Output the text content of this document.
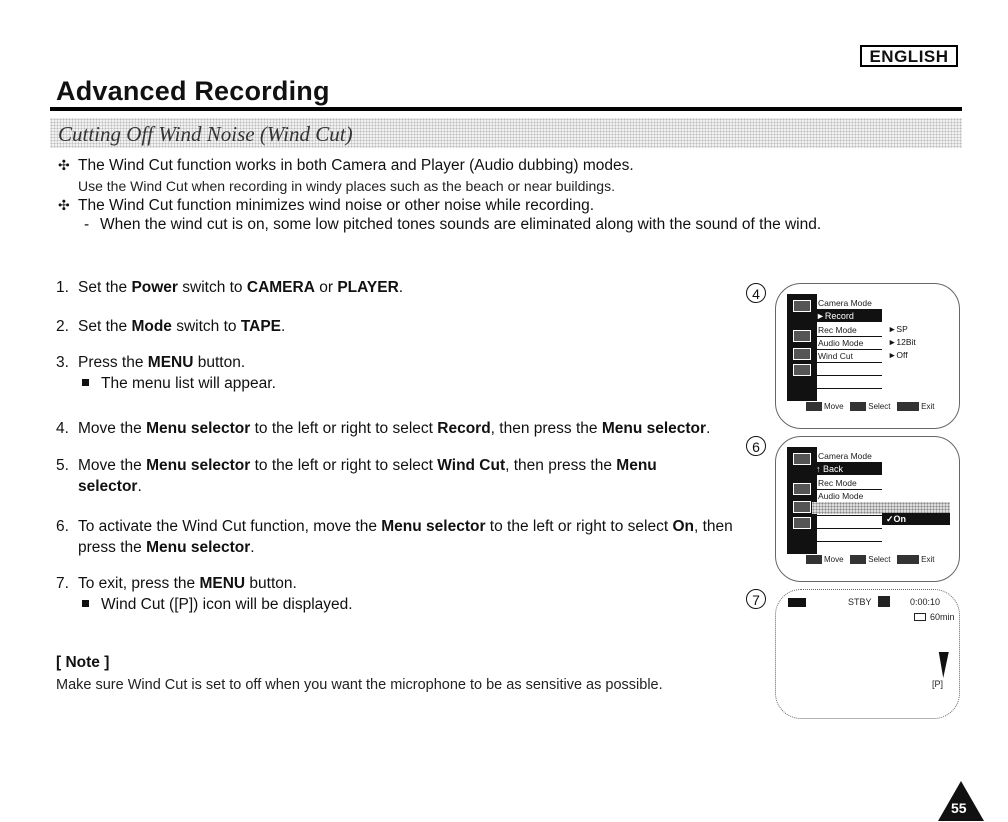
ENGLISH
Advanced Recording
Cutting Off Wind Noise (Wind Cut)
✣ The Wind Cut function works in both Camera and Player (Audio dubbing) modes.
Use the Wind Cut when recording in windy places such as the beach or near buildings.
✣ The Wind Cut function minimizes wind noise or other noise while recording.
- When the wind cut is on, some low pitched tones sounds are eliminated along with the sound of the wind.
1. Set the Power switch to CAMERA or PLAYER.
2. Set the Mode switch to TAPE.
3. Press the MENU button.
The menu list will appear.
4. Move the Menu selector to the left or right to select Record, then press the Menu selector.
5. Move the Menu selector to the left or right to select Wind Cut, then press the Menu
selector.
6. To activate the Wind Cut function, move the Menu selector to the left or right to select On, then
press the Menu selector.
7. To exit, press the MENU button.
Wind Cut ([P]) icon will be displayed.
[ Note ]
Make sure Wind Cut is set to off when you want the microphone to be as sensitive as possible.
4
Camera Mode
►Record
Rec Mode	►SP
Audio Mode	►12Bit
Wind Cut	►Off
Move	Select	Exit
6
Camera Mode
↑ Back
Rec Mode
Audio Mode
✓On
Move	Select	Exit
7	STBY	0:00:10
60min
[P]
55
